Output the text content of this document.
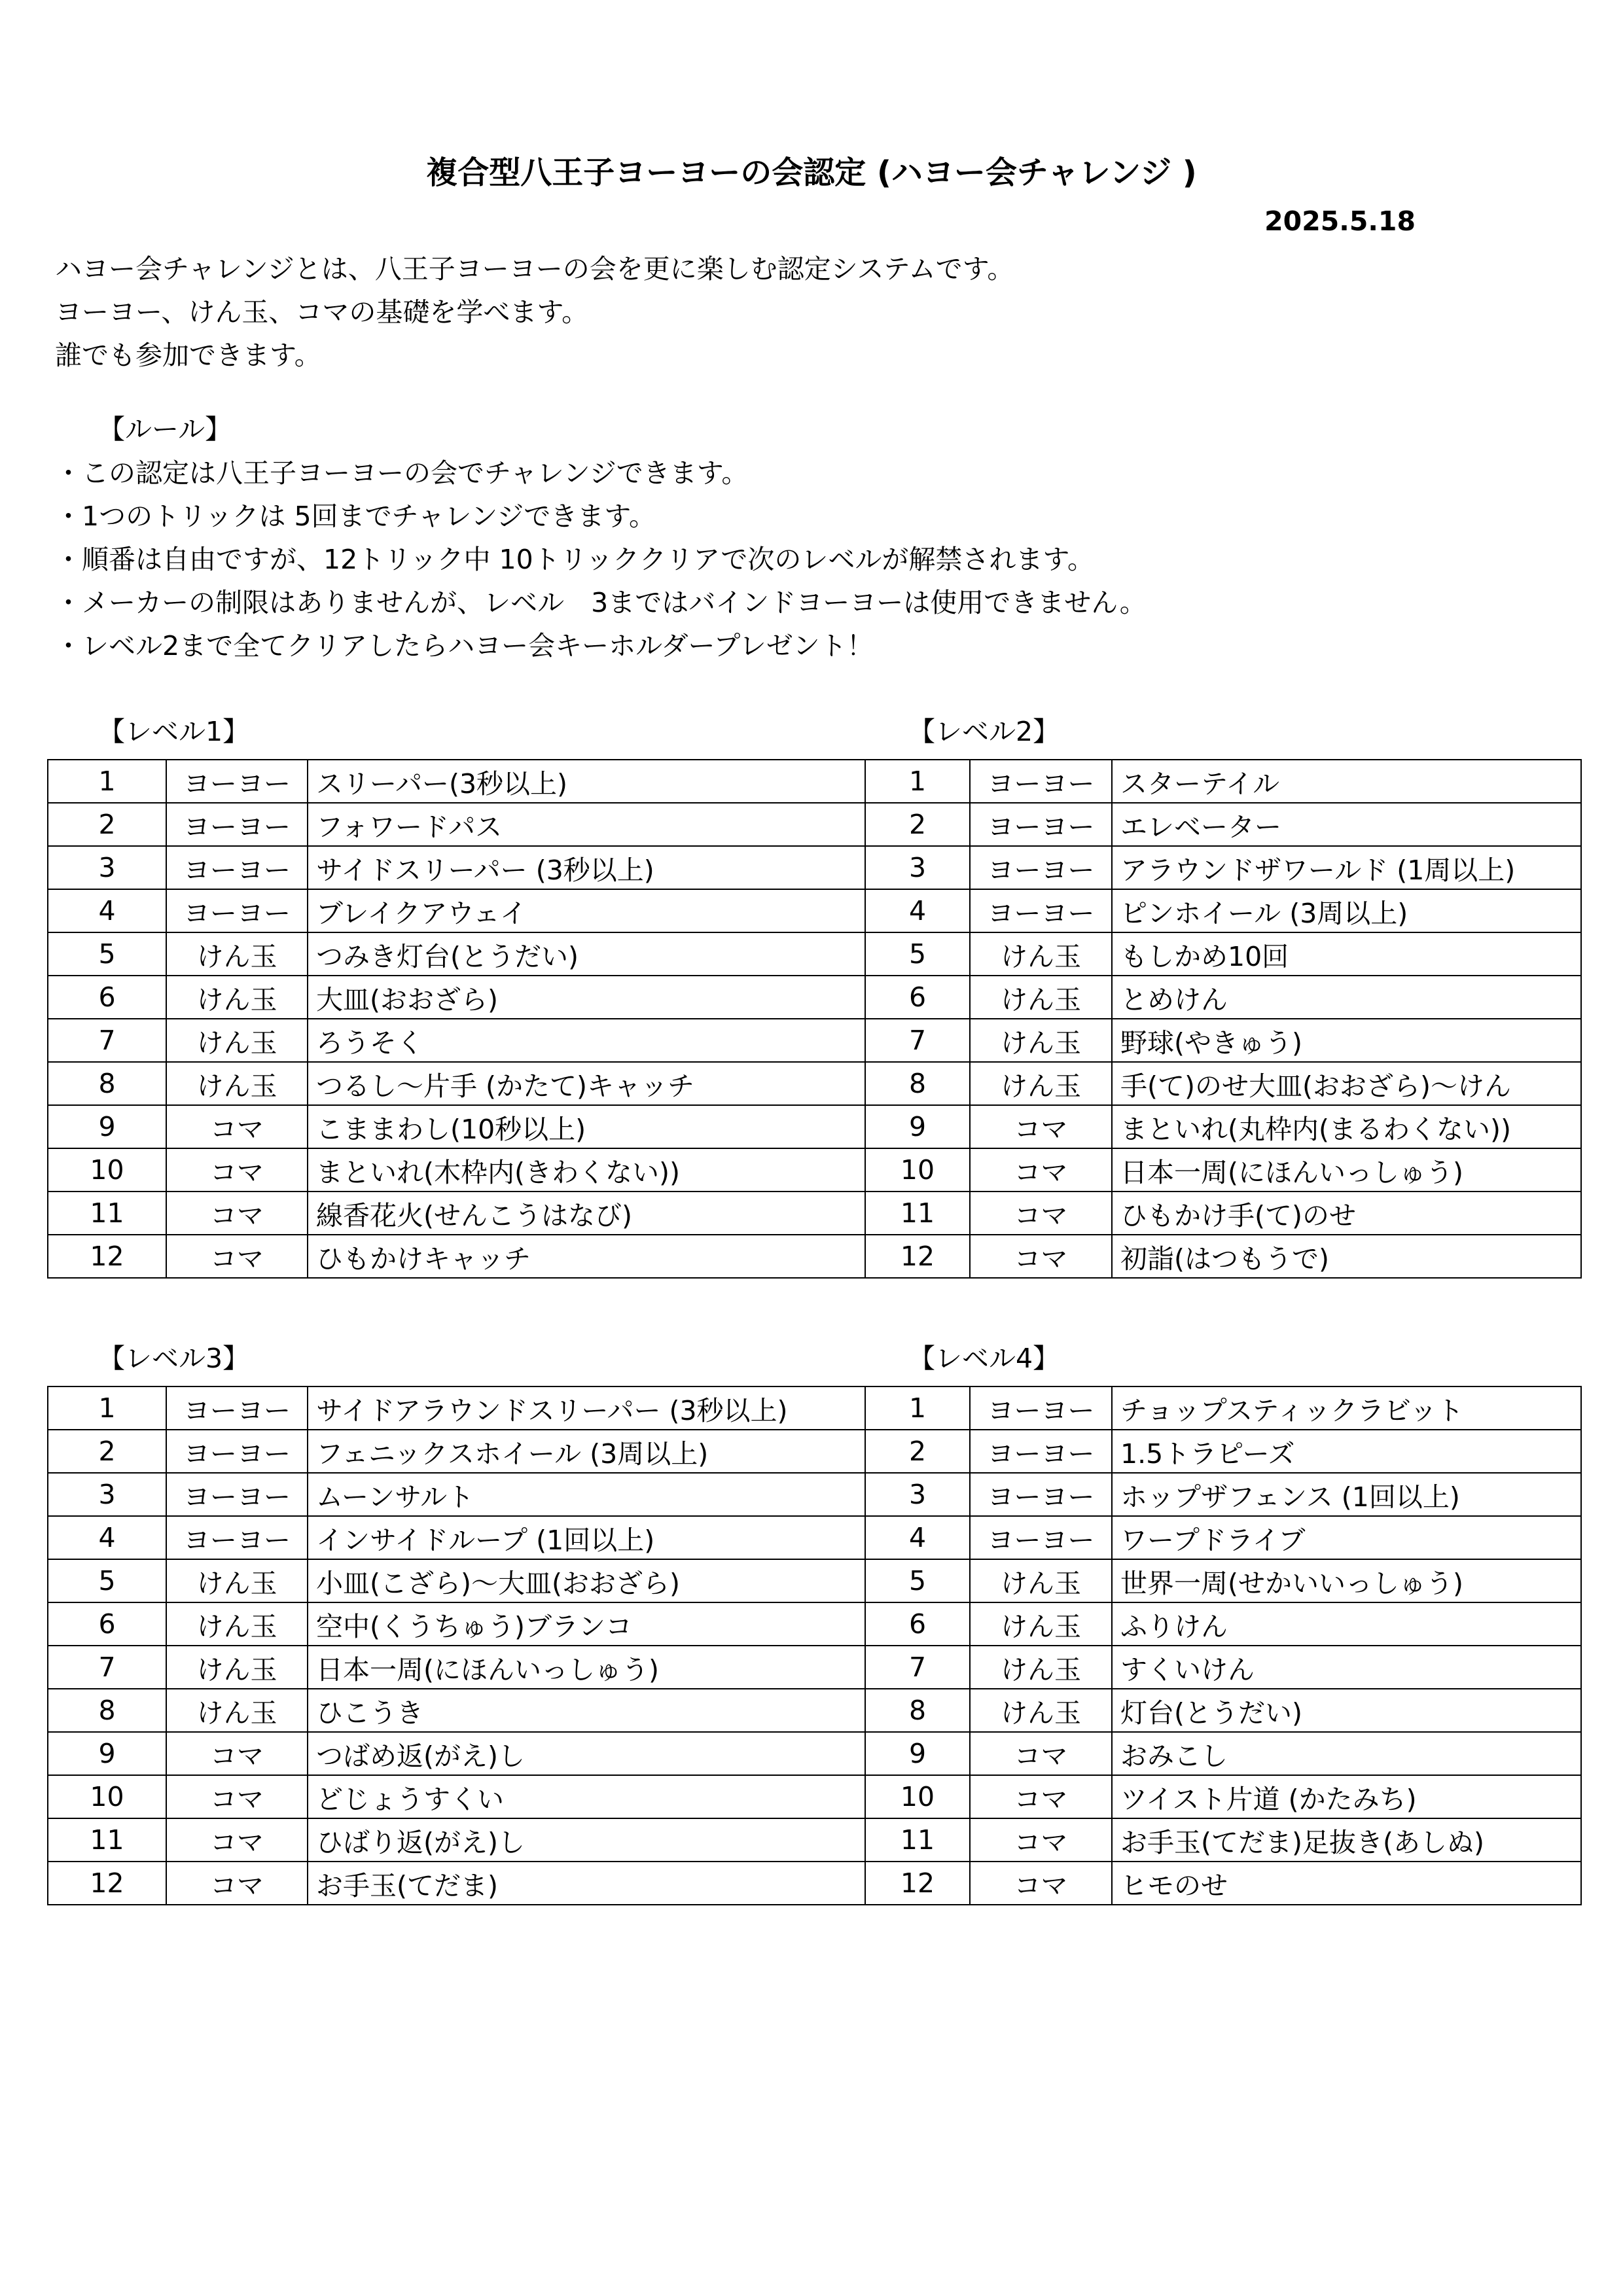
複合型八王子ヨーヨーの会認定 (ハヨー会チャレンジ )
2025.5.18
ハヨー会チャレンジとは、八王子ヨーヨーの会を更に楽しむ認定システムです。
ヨーヨー、けん玉、コマの基礎を学べます。
誰でも参加できます。
【ルール】
・この認定は八王子ヨーヨーの会でチャレンジできます。
・1つのトリックは 5回までチャレンジできます。
・順番は自由ですが、12トリック中 10トリッククリアで次のレベルが解禁されます。
・メーカーの制限はありませんが、レベル　3まではバインドヨーヨーは使用できません。
・レベル2まで全てクリアしたらハヨー会キーホルダープレゼント！
【レベル1】	【レベル2】
1	ヨーヨー	スリーパー(3秒以上)	1	ヨーヨー	スターテイル
2	ヨーヨー	フォワードパス	2	ヨーヨー	エレベーター
3	ヨーヨー	サイドスリーパー (3秒以上)	3	ヨーヨー	アラウンドザワールド (1周以上)
4	ヨーヨー	ブレイクアウェイ	4	ヨーヨー	ピンホイール (3周以上)
5	けん玉	つみき灯台(とうだい)	5	けん玉	もしかめ10回
6	けん玉	大皿(おおざら)	6	けん玉	とめけん
7	けん玉	ろうそく	7	けん玉	野球(やきゅう)
8	けん玉	つるし～片手 (かたて)キャッチ	8	けん玉	手(て)のせ大皿(おおざら)～けん
9	コマ	こままわし(10秒以上)	9	コマ	まといれ(丸枠内(まるわくない))
10	コマ	まといれ(木枠内(きわくない))	10	コマ	日本一周(にほんいっしゅう)
11	コマ	線香花火(せんこうはなび)	11	コマ	ひもかけ手(て)のせ
12	コマ	ひもかけキャッチ	12	コマ	初詣(はつもうで)
【レベル3】	【レベル4】
1	ヨーヨー	サイドアラウンドスリーパー (3秒以上)	1	ヨーヨー	チョップスティックラビット
2	ヨーヨー	フェニックスホイール (3周以上)	2	ヨーヨー	1.5トラピーズ
3	ヨーヨー	ムーンサルト	3	ヨーヨー	ホップザフェンス (1回以上)
4	ヨーヨー	インサイドループ (1回以上)	4	ヨーヨー	ワープドライブ
5	けん玉	小皿(こざら)～大皿(おおざら)	5	けん玉	世界一周(せかいいっしゅう)
6	けん玉	空中(くうちゅう)ブランコ	6	けん玉	ふりけん
7	けん玉	日本一周(にほんいっしゅう)	7	けん玉	すくいけん
8	けん玉	ひこうき	8	けん玉	灯台(とうだい)
9	コマ	つばめ返(がえ)し	9	コマ	おみこし
10	コマ	どじょうすくい	10	コマ	ツイスト片道 (かたみち)
11	コマ	ひばり返(がえ)し	11	コマ	お手玉(てだま)足抜き(あしぬ)
12	コマ	お手玉(てだま)	12	コマ	ヒモのせ
